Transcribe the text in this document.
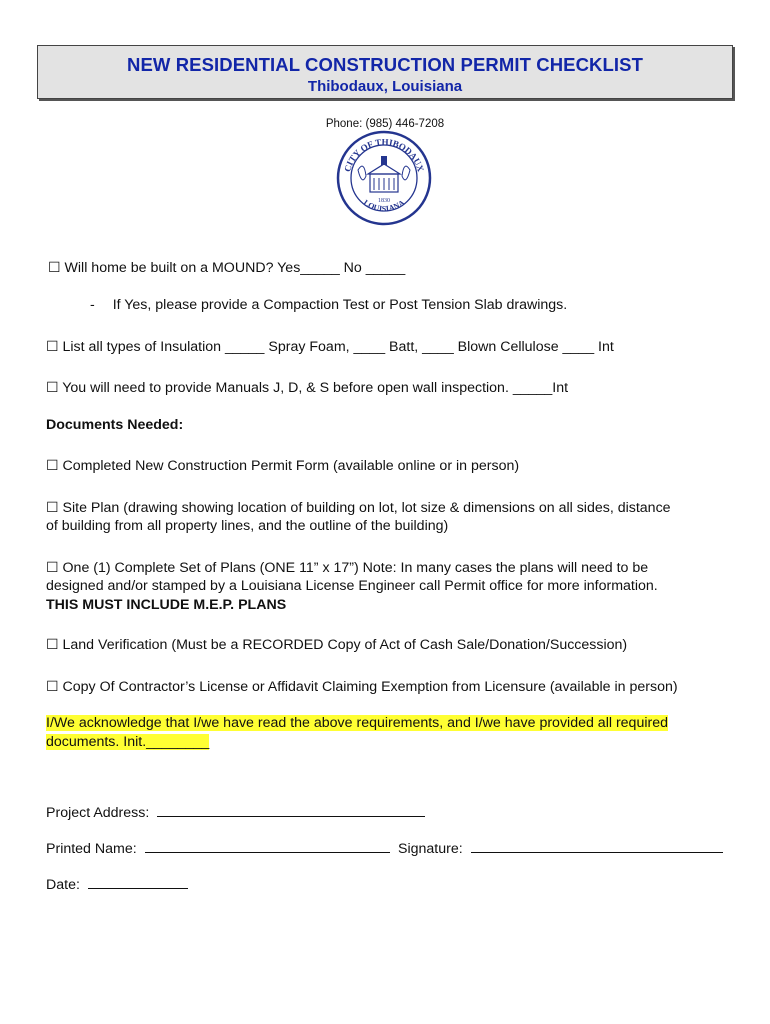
NEW RESIDENTIAL CONSTRUCTION PERMIT CHECKLIST
Thibodaux, Louisiana
Phone: (985) 446-7208
CITY OF THIBODAUX
LOUISIANA
1830
☐ Will home be built on a MOUND? Yes_____ No _____
- If Yes, please provide a Compaction Test or Post Tension Slab drawings.
☐ List all types of Insulation _____ Spray Foam, ____ Batt, ____ Blown Cellulose ____ Int
☐ You will need to provide Manuals J, D, & S before open wall inspection. _____Int
Documents Needed:
☐ Completed New Construction Permit Form (available online or in person)
☐ Site Plan (drawing showing location of building on lot, lot size & dimensions on all sides, distance
of building from all property lines, and the outline of the building)
☐ One (1) Complete Set of Plans (ONE 11” x 17”) Note: In many cases the plans will need to be
designed and/or stamped by a Louisiana License Engineer call Permit office for more information.
THIS MUST INCLUDE M.E.P. PLANS
☐ Land Verification (Must be a RECORDED Copy of Act of Cash Sale/Donation/Succession)
☐ Copy Of Contractor’s License or Affidavit Claiming Exemption from Licensure (available in person)
I/We acknowledge that I/we have read the above requirements, and I/we have provided all required
documents. Init.________
Project Address:
Printed Name:	Signature:
Date:
